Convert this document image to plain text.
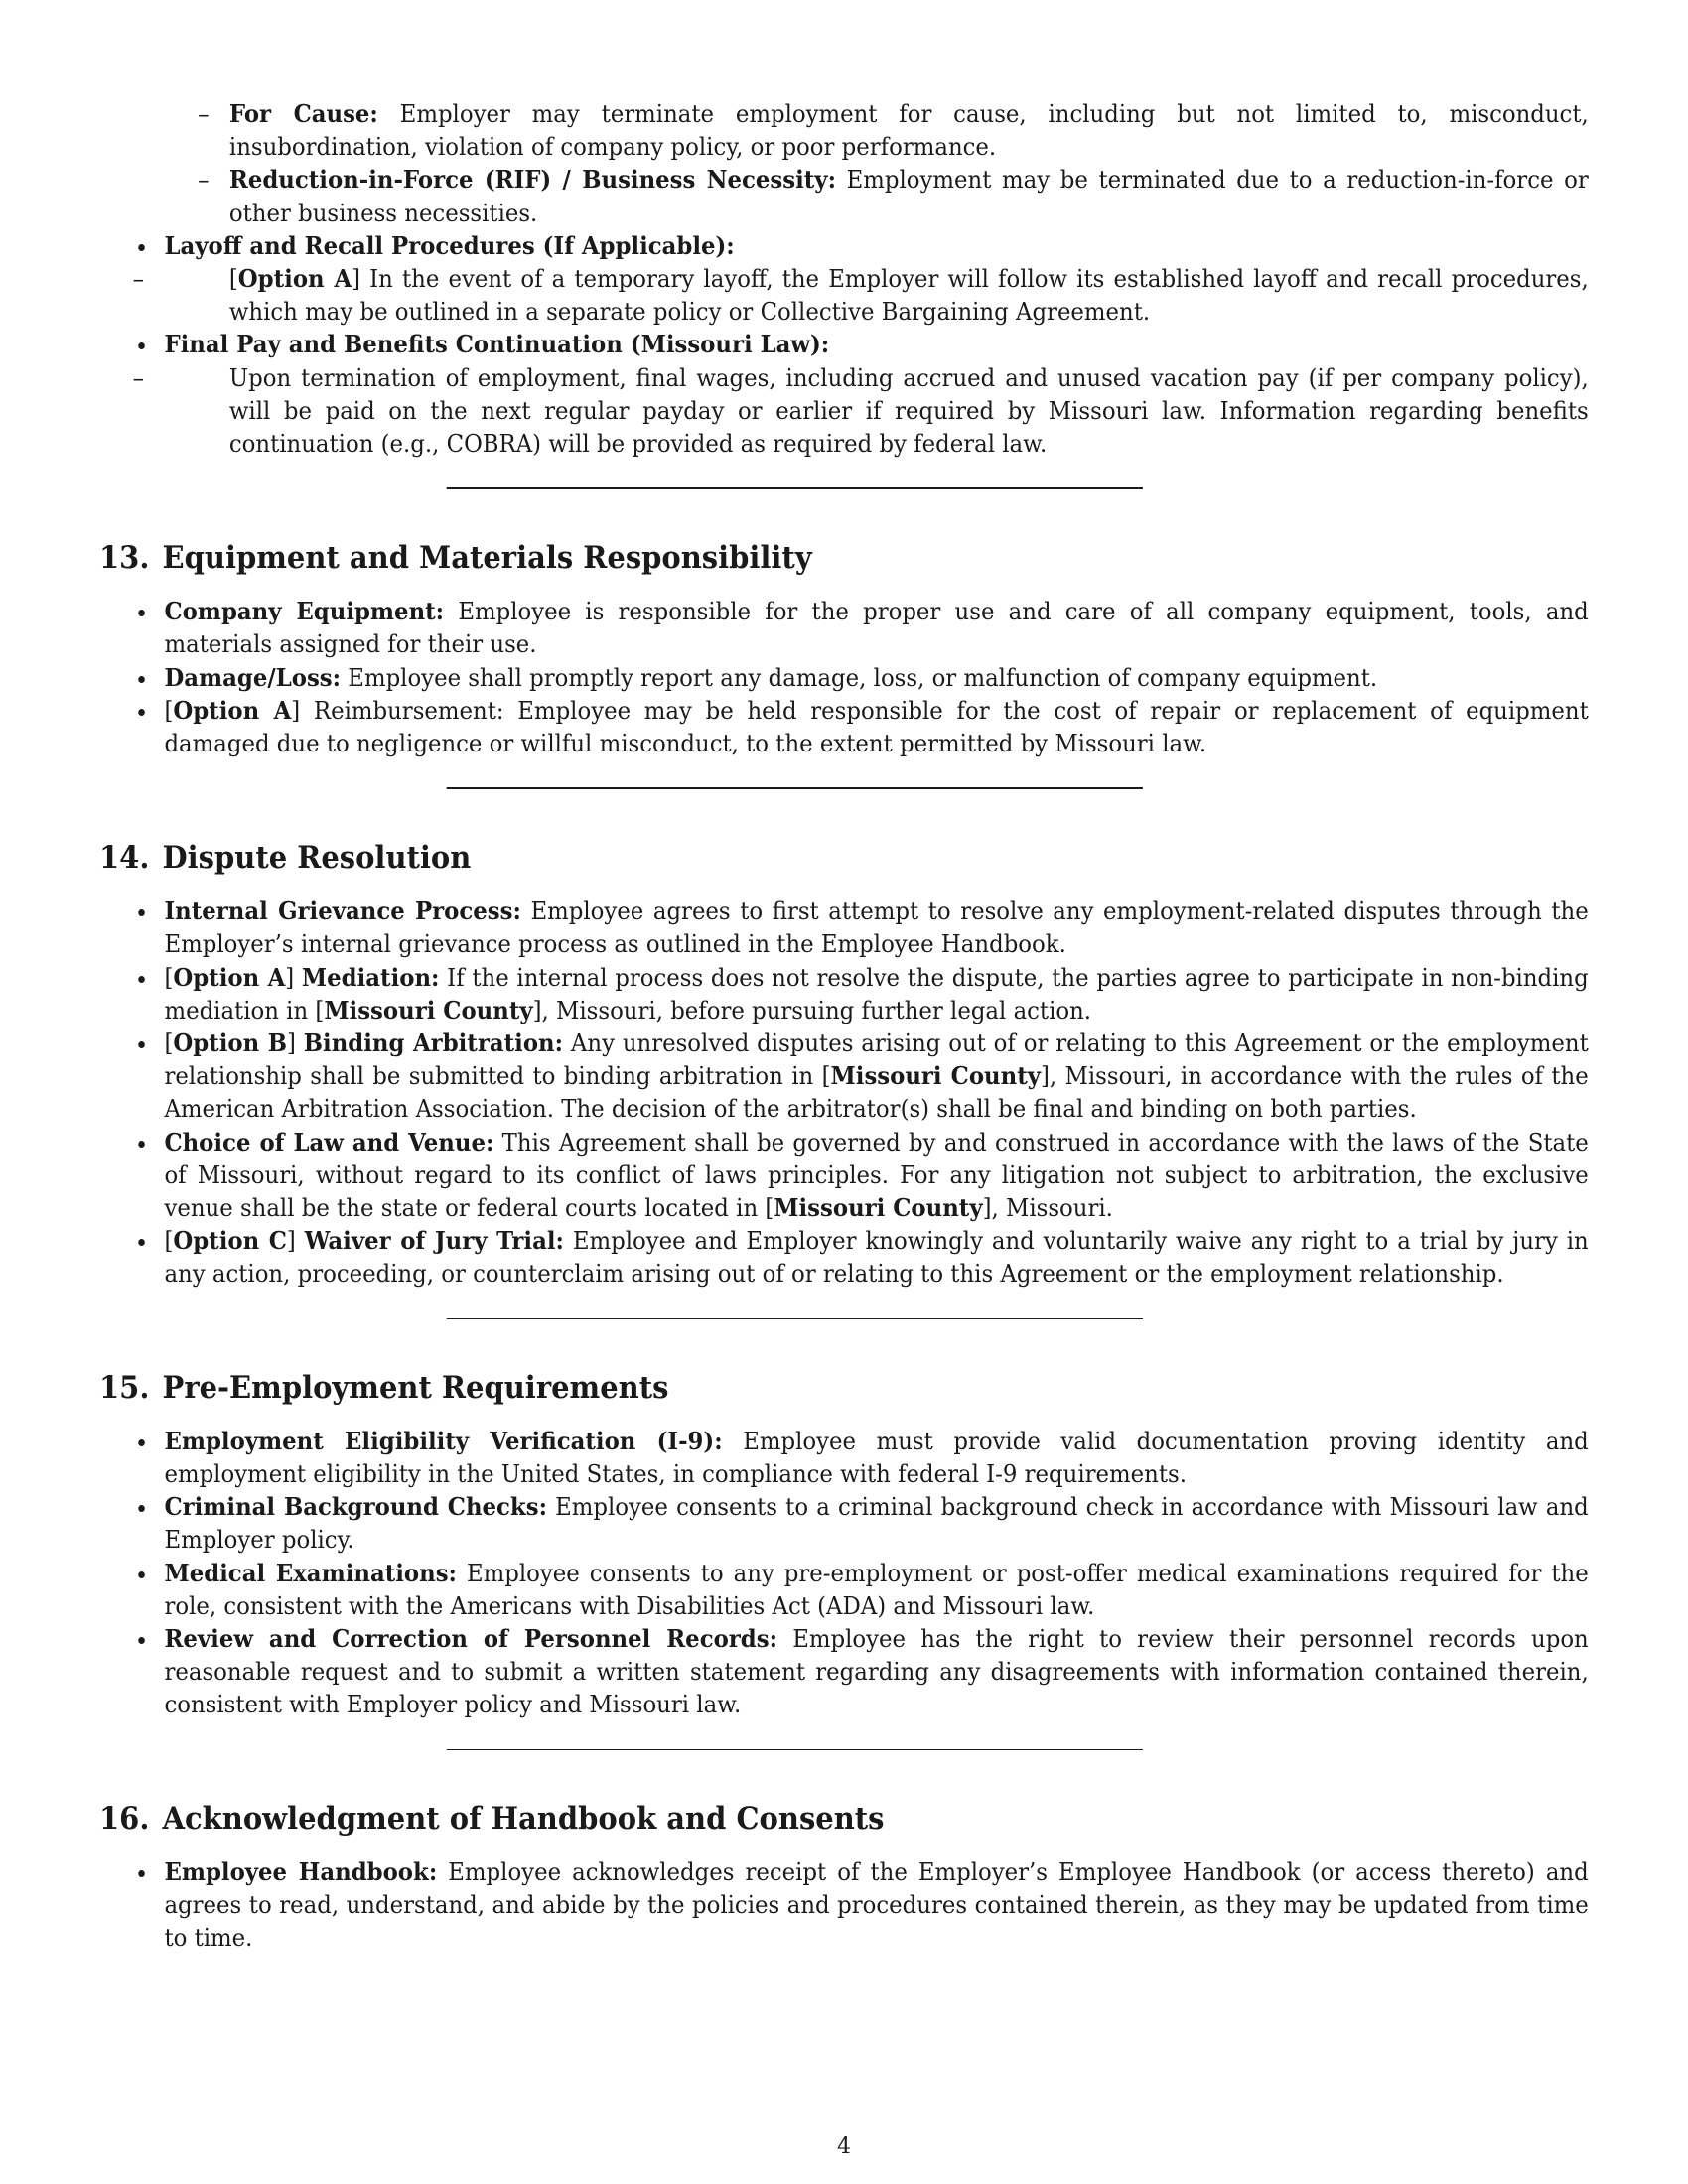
– For Cause: Employer may terminate employment for cause, including but not limited to, misconduct, insubordination, violation of company policy, or poor performance.
– Reduction-in-Force (RIF) / Business Necessity: Employment may be terminated due to a reduction-in-force or other business necessities.
Layoff and Recall Procedures (If Applicable):
– [Option A] In the event of a temporary layoff, the Employer will follow its established layoff and recall procedures, which may be outlined in a separate policy or Collective Bargaining Agreement.
Final Pay and Benefits Continuation (Missouri Law):
– Upon termination of employment, final wages, including accrued and unused vacation pay (if per company policy), will be paid on the next regular payday or earlier if required by Missouri law. Information regarding benefits continuation (e.g., COBRA) will be provided as required by federal law.
13. Equipment and Materials Responsibility
Company Equipment: Employee is responsible for the proper use and care of all company equipment, tools, and materials assigned for their use.
Damage/Loss: Employee shall promptly report any damage, loss, or malfunction of company equipment.
[Option A] Reimbursement: Employee may be held responsible for the cost of repair or replacement of equipment damaged due to negligence or willful misconduct, to the extent permitted by Missouri law.
14. Dispute Resolution
Internal Grievance Process: Employee agrees to first attempt to resolve any employment-related disputes through the Employer’s internal grievance process as outlined in the Employee Handbook.
[Option A] Mediation: If the internal process does not resolve the dispute, the parties agree to participate in non-binding mediation in [Missouri County], Missouri, before pursuing further legal action.
[Option B] Binding Arbitration: Any unresolved disputes arising out of or relating to this Agreement or the employment relationship shall be submitted to binding arbitration in [Missouri County], Missouri, in accordance with the rules of the American Arbitration Association. The decision of the arbitrator(s) shall be final and binding on both parties.
Choice of Law and Venue: This Agreement shall be governed by and construed in accordance with the laws of the State of Missouri, without regard to its conflict of laws principles. For any litigation not subject to arbitration, the exclusive venue shall be the state or federal courts located in [Missouri County], Missouri.
[Option C] Waiver of Jury Trial: Employee and Employer knowingly and voluntarily waive any right to a trial by jury in any action, proceeding, or counterclaim arising out of or relating to this Agreement or the employment relationship.
15. Pre-Employment Requirements
Employment Eligibility Verification (I-9): Employee must provide valid documentation proving identity and employment eligibility in the United States, in compliance with federal I-9 requirements.
Criminal Background Checks: Employee consents to a criminal background check in accordance with Missouri law and Employer policy.
Medical Examinations: Employee consents to any pre-employment or post-offer medical examinations required for the role, consistent with the Americans with Disabilities Act (ADA) and Missouri law.
Review and Correction of Personnel Records: Employee has the right to review their personnel records upon reasonable request and to submit a written statement regarding any disagreements with information contained therein, consistent with Employer policy and Missouri law.
16. Acknowledgment of Handbook and Consents
Employee Handbook: Employee acknowledges receipt of the Employer’s Employee Handbook (or access thereto) and agrees to read, understand, and abide by the policies and procedures contained therein, as they may be updated from time to time.
4
